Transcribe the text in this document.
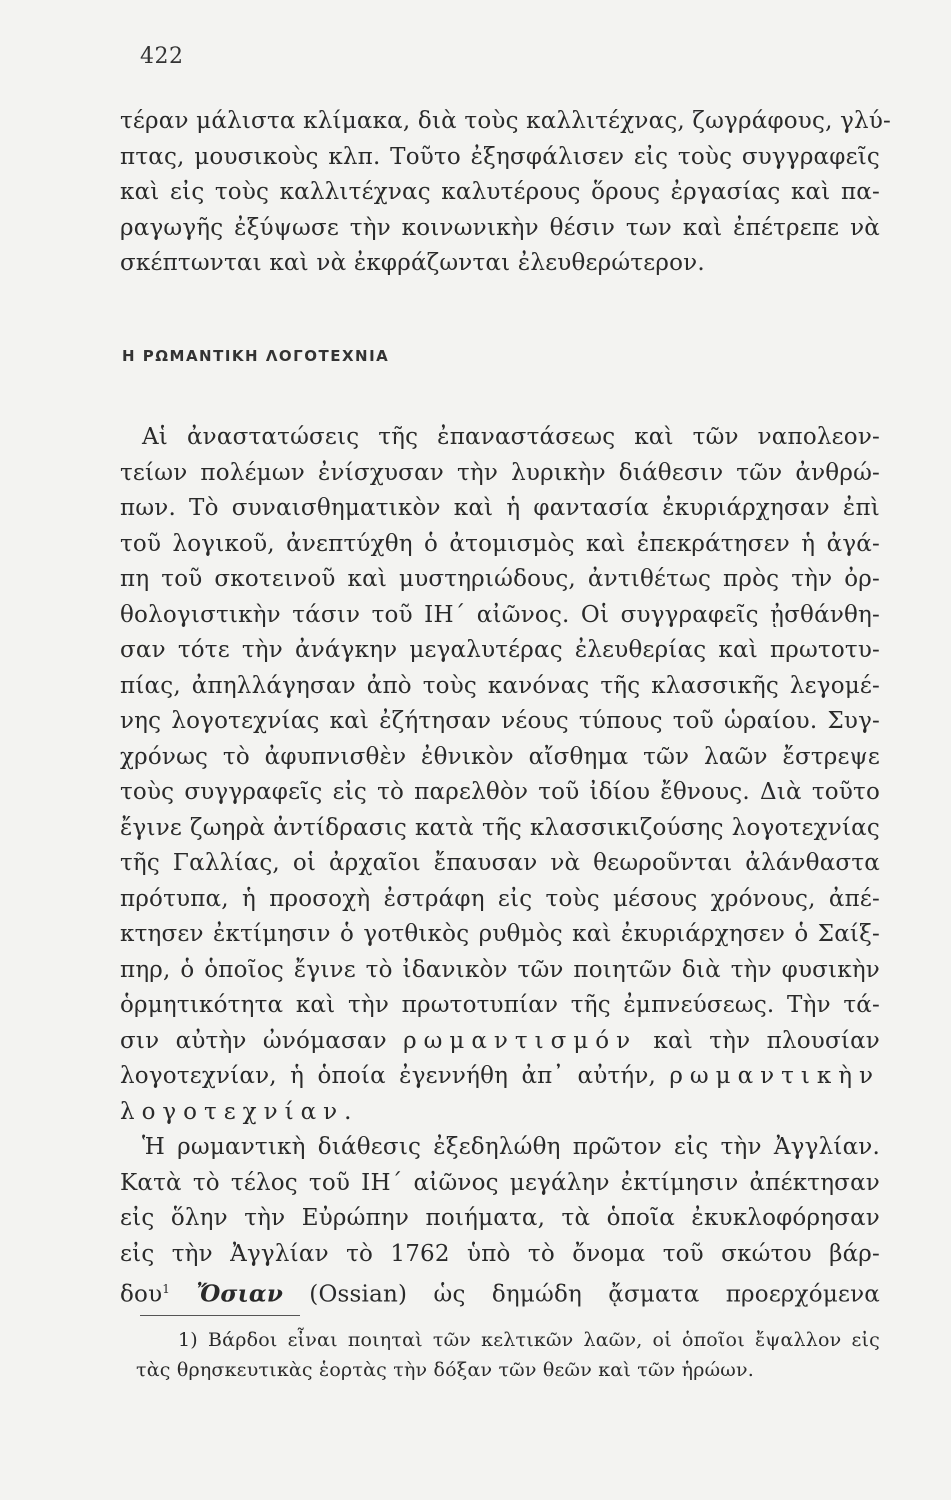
422
τέραν μάλιστα κλίμακα, διὰ τοὺς καλλιτέχνας, ζωγράφους, γλύ-
πτας, μουσικοὺς κλπ. Τοῦτο ἐξησφάλισεν εἰς τοὺς συγγραφεῖς
καὶ εἰς τοὺς καλλιτέχνας καλυτέρους ὅρους ἐργασίας καὶ πα-
ραγωγῆς ἐξύψωσε τὴν κοινωνικὴν θέσιν των καὶ ἐπέτρεπε νὰ
σκέπτωνται καὶ νὰ ἐκφράζωνται ἐλευθερώτερον.
Η ΡΩΜΑΝΤΙΚΗ ΛΟΓΟΤΕΧΝΙΑ
Αἱ ἀναστατώσεις τῆς ἐπαναστάσεως καὶ τῶν ναπολεον-
τείων πολέμων ἐνίσχυσαν τὴν λυρικὴν διάθεσιν τῶν ἀνθρώ-
πων. Τὸ συναισθηματικὸν καὶ ἡ φαντασία ἐκυριάρχησαν ἐπὶ
τοῦ λογικοῦ, ἀνεπτύχθη ὁ ἀτομισμὸς καὶ ἐπεκράτησεν ἡ ἀγά-
πη τοῦ σκοτεινοῦ καὶ μυστηριώδους, ἀντιθέτως πρὸς τὴν ὀρ-
θολογιστικὴν τάσιν τοῦ ΙΗ´ αἰῶνος. Οἱ συγγραφεῖς ᾐσθάνθη-
σαν τότε τὴν ἀνάγκην μεγαλυτέρας ἐλευθερίας καὶ πρωτοτυ-
πίας, ἀπηλλάγησαν ἀπὸ τοὺς κανόνας τῆς κλασσικῆς λεγομέ-
νης λογοτεχνίας καὶ ἐζήτησαν νέους τύπους τοῦ ὡραίου. Συγ-
χρόνως τὸ ἀφυπνισθὲν ἐθνικὸν αἴσθημα τῶν λαῶν ἔστρεψε
τοὺς συγγραφεῖς εἰς τὸ παρελθὸν τοῦ ἰδίου ἔθνους. Διὰ τοῦτο
ἔγινε ζωηρὰ ἀντίδρασις κατὰ τῆς κλασσικιζούσης λογοτεχνίας
τῆς Γαλλίας, οἱ ἀρχαῖοι ἔπαυσαν νὰ θεωροῦνται ἀλάνθαστα
πρότυπα, ἡ προσοχὴ ἐστράφη εἰς τοὺς μέσους χρόνους, ἀπέ-
κτησεν ἐκτίμησιν ὁ γοτθικὸς ρυθμὸς καὶ ἐκυριάρχησεν ὁ Σαίξ-
πηρ, ὁ ὁποῖος ἔγινε τὸ ἰδανικὸν τῶν ποιητῶν διὰ τὴν φυσικὴν
ὁρμητικότητα καὶ τὴν πρωτοτυπίαν τῆς ἐμπνεύσεως. Τὴν τά-
σιν αὐτὴν ὠνόμασαν ρωμαντισμόν καὶ τὴν πλουσίαν
λογοτεχνίαν, ἡ ὁποία ἐγεννήθη ἀπ᾿ αὐτήν, ρωμαντικὴν
λογοτεχνίαν.
Ἡ ρωμαντικὴ διάθεσις ἐξεδηλώθη πρῶτον εἰς τὴν Ἀγγλίαν.
Κατὰ τὸ τέλος τοῦ ΙΗ´ αἰῶνος μεγάλην ἐκτίμησιν ἀπέκτησαν
εἰς ὅλην τὴν Εὐρώπην ποιήματα, τὰ ὁποῖα ἐκυκλοφόρησαν
εἰς τὴν Ἀγγλίαν τὸ 1762 ὑπὸ τὸ ὄνομα τοῦ σκώτου βάρ-
δου$^1$ Ὄσιαν (Ossian) ὡς δημώδη ᾄσματα προερχόμενα
1) Βάρδοι εἶναι ποιηταὶ τῶν κελτικῶν λαῶν, οἱ ὁποῖοι ἔψαλλον εἰς
τὰς θρησκευτικὰς ἑορτὰς τὴν δόξαν τῶν θεῶν καὶ τῶν ἡρώων.
